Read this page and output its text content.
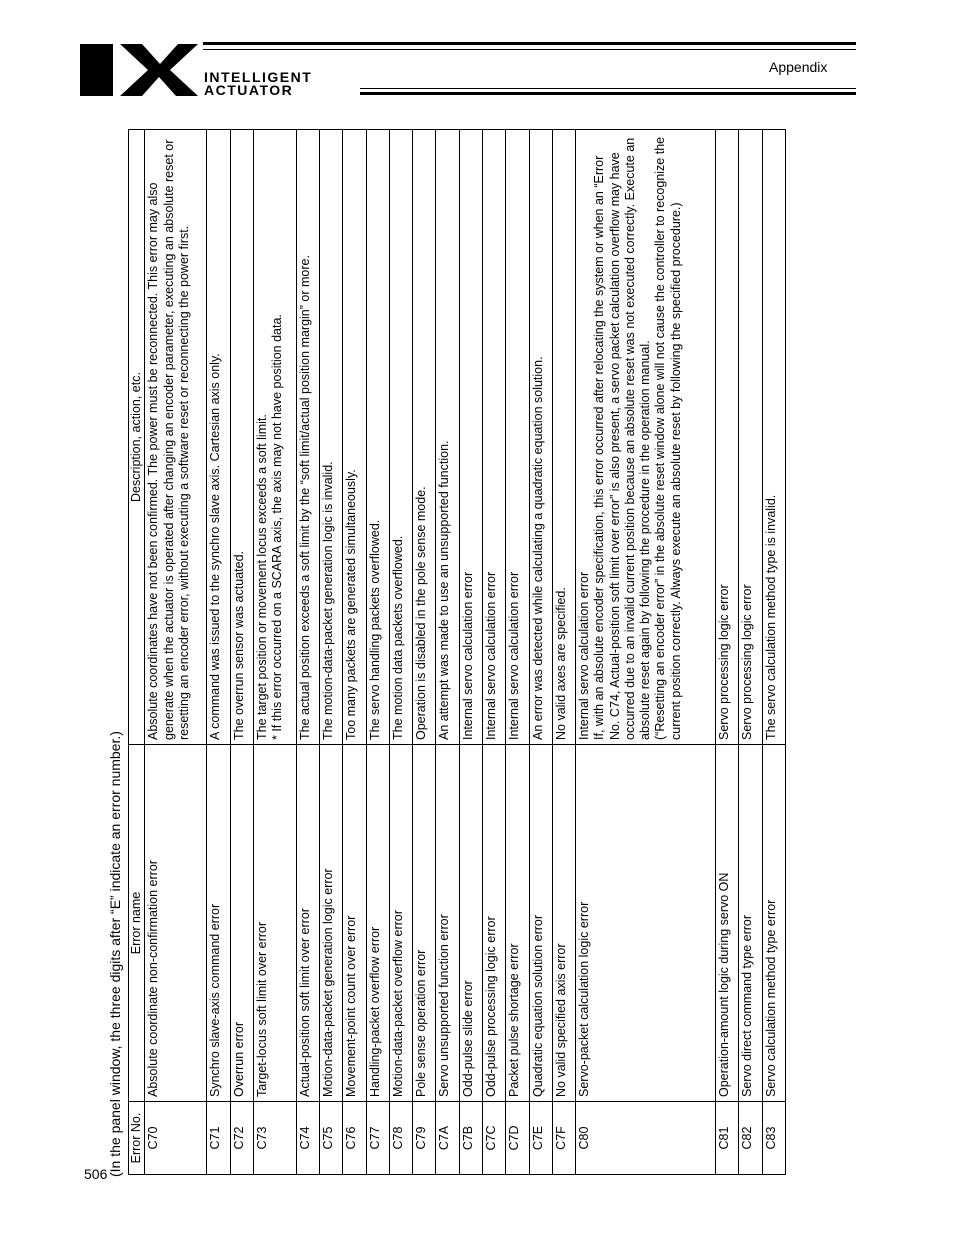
INTELLIGENT
ACTUATOR
Appendix
506 (In the panel window, the three digits after “E” indicate an error number.) Error No.	Error name	Description, action, etc.
C70	Absolute coordinate non-confirmation error	Absolute coordinates have not been confirmed. The power must be reconnected. This error may also generate when the actuator is operated after changing an encoder parameter, executing an absolute reset or resetting an encoder error, without executing a software reset or reconnecting the power first.
C71	Synchro slave-axis command error	A command was issued to the synchro slave axis. Cartesian axis only.
C72	Overrun error	The overrun sensor was actuated.
C73	Target-locus soft limit over error	The target position or movement locus exceeds a soft limit.
* If this error occurred on a SCARA axis, the axis may not have position data.
C74	Actual-position soft limit over error	The actual position exceeds a soft limit by the “soft limit/actual position margin” or more.
C75	Motion-data-packet generation logic error	The motion-data-packet generation logic is invalid.
C76	Movement-point count over error	Too many packets are generated simultaneously.
C77	Handling-packet overflow error	The servo handling packets overflowed.
C78	Motion-data-packet overflow error	The motion data packets overflowed.
C79	Pole sense operation error	Operation is disabled in the pole sense mode.
C7A	Servo unsupported function error	An attempt was made to use an unsupported function.
C7B	Odd-pulse slide error	Internal servo calculation error
C7C	Odd-pulse processing logic error	Internal servo calculation error
C7D	Packet pulse shortage error	Internal servo calculation error
C7E	Quadratic equation solution error	An error was detected while calculating a quadratic equation solution.
C7F	No valid specified axis error	No valid axes are specified.
C80	Servo-packet calculation logic error	Internal servo calculation error
If, with an absolute encoder specification, this error occurred after relocating the system or when an “Error No. C74, Actual-position soft limit over error” is also present, a servo packet calculation overflow may have occurred due to an invalid current position because an absolute reset was not executed correctly. Execute an absolute reset again by following the procedure in the operation manual.
(“Resetting an encoder error” in the absolute reset window alone will not cause the controller to recognize the current position correctly. Always execute an absolute reset by following the specified procedure.)
C81	Operation-amount logic during servo ON	Servo processing logic error
C82	Servo direct command type error	Servo processing logic error
C83	Servo calculation method type error	The servo calculation method type is invalid.
